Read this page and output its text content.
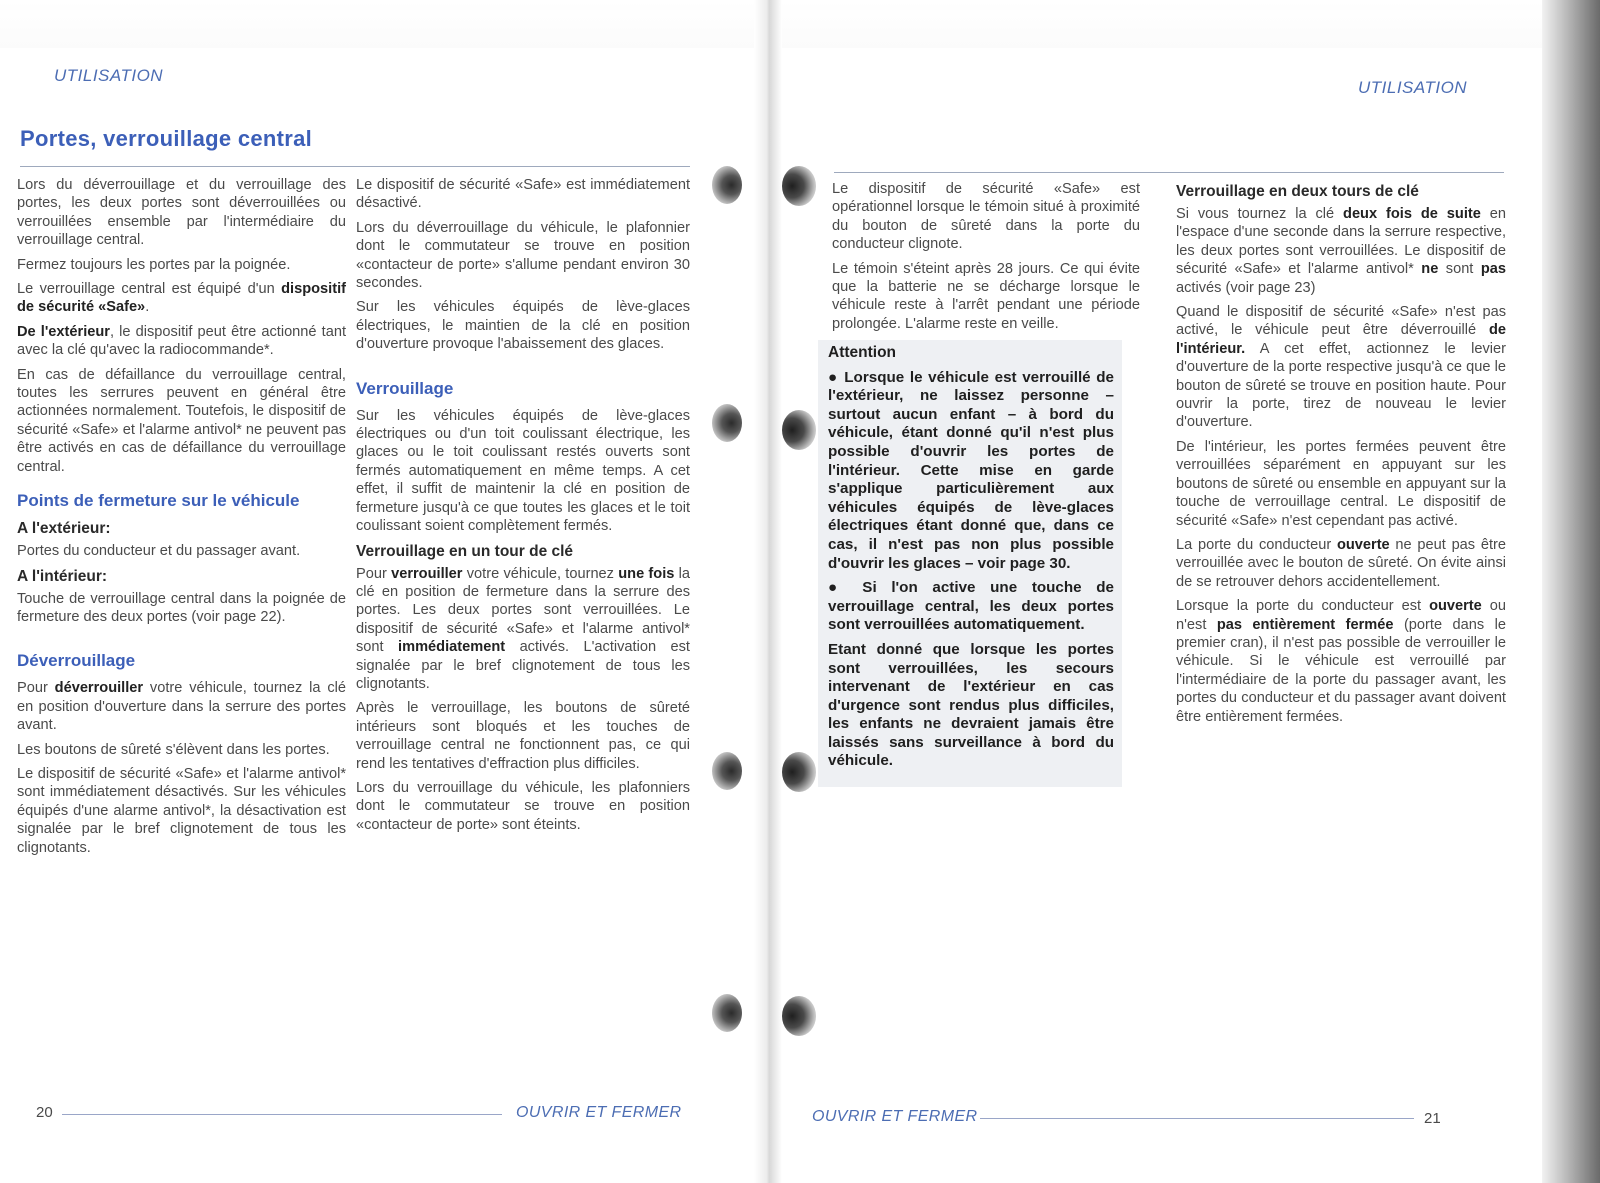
UTILISATION
Portes, verrouillage central

Lors du déverrouillage et du verrouillage des portes, les deux portes sont déverrouillées ou verrouillées ensemble par l'intermédiaire du verrouillage central.

Fermez toujours les portes par la poignée.

Le verrouillage central est équipé d'un dispositif de sécurité «Safe».

De l'extérieur, le dispositif peut être actionné tant avec la clé qu'avec la radiocommande*.

En cas de défaillance du verrouillage central, toutes les serrures peuvent en général être actionnées normalement. Toutefois, le dispositif de sécurité «Safe» et l'alarme antivol* ne peuvent pas être activés en cas de défaillance du verrouillage central.

Points de fermeture sur le véhicule
A l'extérieur:

Portes du conducteur et du passager avant.

A l'intérieur:

Touche de verrouillage central dans la poignée de fermeture des deux portes (voir page 22).

Déverrouillage

Pour déverrouiller votre véhicule, tournez la clé en position d'ouverture dans la serrure des portes avant.

Les boutons de sûreté s'élèvent dans les portes.

Le dispositif de sécurité «Safe» et l'alarme antivol* sont immédiatement désactivés. Sur les véhicules équipés d'une alarme antivol*, la désactivation est signalée par le bref clignotement de tous les clignotants.

Le dispositif de sécurité «Safe» est immédiatement désactivé.

Lors du déverrouillage du véhicule, le plafonnier dont le commutateur se trouve en position «contacteur de porte» s'allume pendant environ 30 secondes.

Sur les véhicules équipés de lève-glaces électriques, le maintien de la clé en position d'ouverture provoque l'abaissement des glaces.

Verrouillage

Sur les véhicules équipés de lève-glaces électriques ou d'un toit coulissant électrique, les glaces ou le toit coulissant restés ouverts sont fermés automatiquement en même temps. A cet effet, il suffit de maintenir la clé en position de fermeture jusqu'à ce que toutes les glaces et le toit coulissant soient complètement fermés.

Verrouillage en un tour de clé

Pour verrouiller votre véhicule, tournez une fois la clé en position de fermeture dans la serrure des portes. Les deux portes sont verrouillées. Le dispositif de sécurité «Safe» et l'alarme antivol* sont immédiatement activés. L'activation est signalée par le bref clignotement de tous les clignotants.

Après le verrouillage, les boutons de sûreté intérieurs sont bloqués et les touches de verrouillage central ne fonctionnent pas, ce qui rend les tentatives d'effraction plus difficiles.

Lors du verrouillage du véhicule, les plafonniers dont le commutateur se trouve en position «contacteur de porte» sont éteints.

20	OUVRIR ET FERMER
UTILISATION

Le dispositif de sécurité «Safe» est opérationnel lorsque le témoin situé à proximité du bouton de sûreté dans la porte du conducteur clignote.

Le témoin s'éteint après 28 jours. Ce qui évite que la batterie ne se décharge lorsque le véhicule reste à l'arrêt pendant une période prolongée. L'alarme reste en veille.

Attention

● Lorsque le véhicule est verrouillé de l'extérieur, ne laissez personne – surtout aucun enfant – à bord du véhicule, étant donné qu'il n'est plus possible d'ouvrir les portes de l'intérieur. Cette mise en garde s'applique particulièrement aux véhicules équipés de lève-glaces électriques étant donné que, dans ce cas, il n'est pas non plus possible d'ouvrir les glaces – voir page 30.

● Si l'on active une touche de verrouillage central, les deux portes sont verrouillées automatiquement.

Etant donné que lorsque les portes sont verrouillées, les secours intervenant de l'extérieur en cas d'urgence sont rendus plus difficiles, les enfants ne devraient jamais être laissés sans surveillance à bord du véhicule.

Verrouillage en deux tours de clé

Si vous tournez la clé deux fois de suite en l'espace d'une seconde dans la serrure respective, les deux portes sont verrouillées. Le dispositif de sécurité «Safe» et l'alarme antivol* ne sont pas activés (voir page 23)

Quand le dispositif de sécurité «Safe» n'est pas activé, le véhicule peut être déverrouillé de l'intérieur. A cet effet, actionnez le levier d'ouverture de la porte respective jusqu'à ce que le bouton de sûreté se trouve en position haute. Pour ouvrir la porte, tirez de nouveau le levier d'ouverture.

De l'intérieur, les portes fermées peuvent être verrouillées séparément en appuyant sur les boutons de sûreté ou ensemble en appuyant sur la touche de verrouillage central. Le dispositif de sécurité «Safe» n'est cependant pas activé.

La porte du conducteur ouverte ne peut pas être verrouillée avec le bouton de sûreté. On évite ainsi de se retrouver dehors accidentellement.

Lorsque la porte du conducteur est ouverte ou n'est pas entièrement fermée (porte dans le premier cran), il n'est pas possible de verrouiller le véhicule. Si le véhicule est verrouillé par l'intermédiaire de la porte du passager avant, les portes du conducteur et du passager avant doivent être entièrement fermées.

OUVRIR ET FERMER	21
